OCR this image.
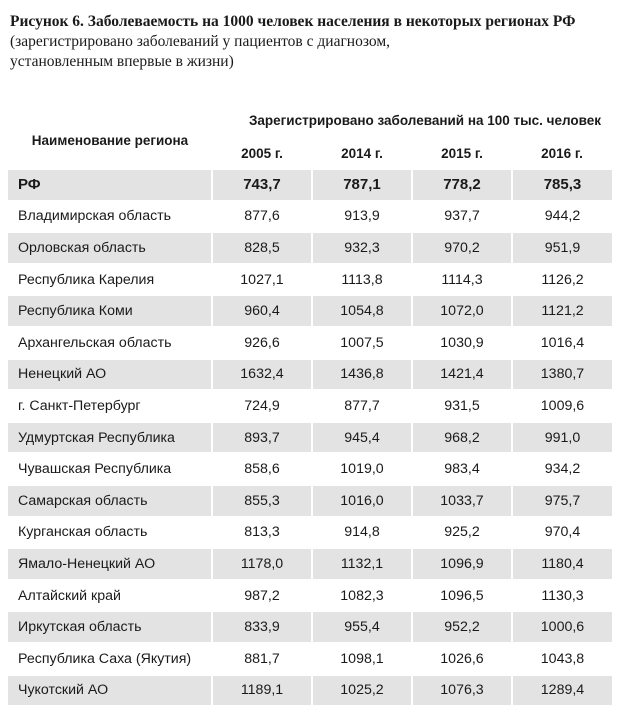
Рисунок 6. Заболеваемость на 1000 человек населения в некоторых регионах РФ
(зарегистрировано заболеваний у пациентов с диагнозом,
установленным впервые в жизни)
Наименование региона	Зарегистрировано заболеваний на 100 тыс. человек			
	2005 г.	2014 г.	2015 г.	2016 г.
РФ	743,7	787,1	778,2	785,3
Владимирская область	877,6	913,9	937,7	944,2
Орловская область	828,5	932,3	970,2	951,9
Республика Карелия	1027,1	1113,8	1114,3	1126,2
Республика Коми	960,4	1054,8	1072,0	1121,2
Архангельская область	926,6	1007,5	1030,9	1016,4
Ненецкий АО	1632,4	1436,8	1421,4	1380,7
г. Санкт-Петербург	724,9	877,7	931,5	1009,6
Удмуртская Республика	893,7	945,4	968,2	991,0
Чувашская Республика	858,6	1019,0	983,4	934,2
Самарская область	855,3	1016,0	1033,7	975,7
Курганская область	813,3	914,8	925,2	970,4
Ямало-Ненецкий АО	1178,0	1132,1	1096,9	1180,4
Алтайский край	987,2	1082,3	1096,5	1130,3
Иркутская область	833,9	955,4	952,2	1000,6
Республика Саха (Якутия)	881,7	1098,1	1026,6	1043,8
Чукотский АО	1189,1	1025,2	1076,3	1289,4
